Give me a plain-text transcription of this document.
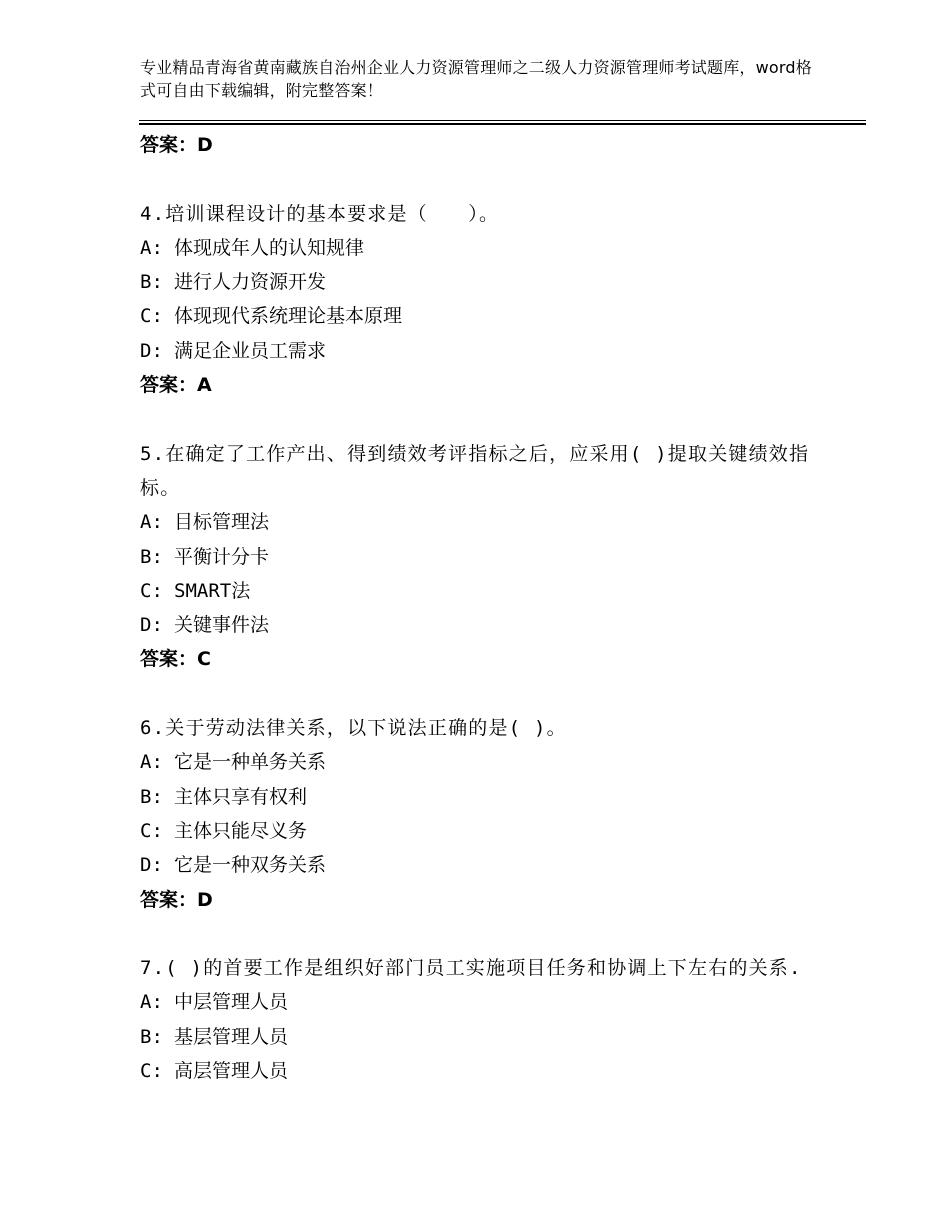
专业精品青海省黄南藏族自治州企业人力资源管理师之二级人力资源管理师考试题库，word格式可自由下载编辑，附完整答案！
答案：D
4.培训课程设计的基本要求是（　　）。
A: 体现成年人的认知规律
B: 进行人力资源开发
C: 体现现代系统理论基本原理
D: 满足企业员工需求
答案：A
5.在确定了工作产出、得到绩效考评指标之后，应采用( )提取关键绩效指标。
A: 目标管理法
B: 平衡计分卡
C: SMART法
D: 关键事件法
答案：C
6.关于劳动法律关系，以下说法正确的是( )。
A: 它是一种单务关系
B: 主体只享有权利
C: 主体只能尽义务
D: 它是一种双务关系
答案：D
7.( )的首要工作是组织好部门员工实施项目任务和协调上下左右的关系.
A: 中层管理人员
B: 基层管理人员
C: 高层管理人员
